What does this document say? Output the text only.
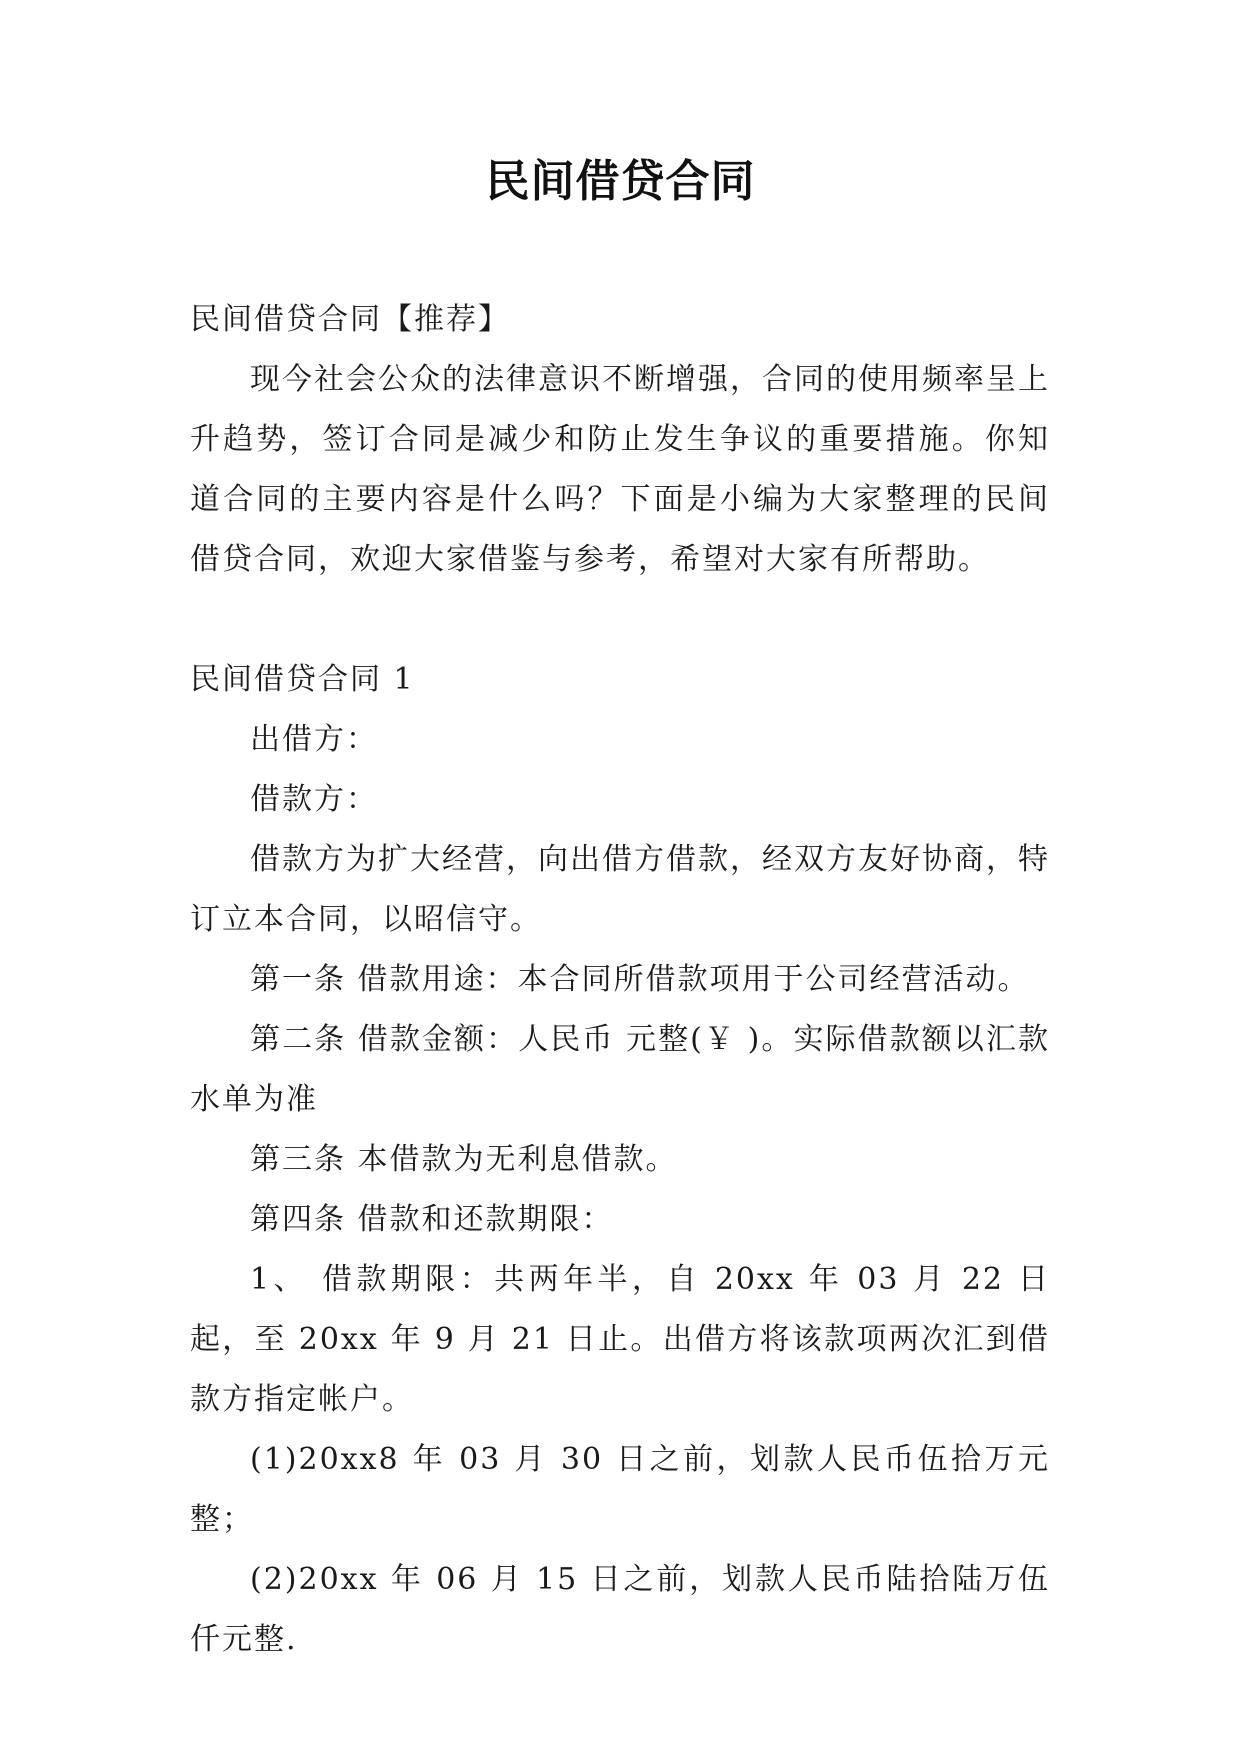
民间借贷合同

民间借贷合同【推荐】

现今社会公众的法律意识不断增强，合同的使用频率呈上升趋势，签订合同是减少和防止发生争议的重要措施。你知道合同的主要内容是什么吗？下面是小编为大家整理的民间借贷合同，欢迎大家借鉴与参考，希望对大家有所帮助。

民间借贷合同 1

出借方：

借款方：

借款方为扩大经营，向出借方借款，经双方友好协商，特订立本合同，以昭信守。

第一条 借款用途：本合同所借款项用于公司经营活动。

第二条 借款金额：人民币 元整(￥ )。实际借款额以汇款水单为准

第三条 本借款为无利息借款。

第四条 借款和还款期限：

1、 借款期限：共两年半，自 20xx 年 03 月 22 日起，至 20xx 年 9 月 21 日止。出借方将该款项两次汇到借款方指定帐户。

(1)20xx8 年 03 月 30 日之前，划款人民币伍拾万元整；

(2)20xx 年 06 月 15 日之前，划款人民币陆拾陆万伍仟元整.
